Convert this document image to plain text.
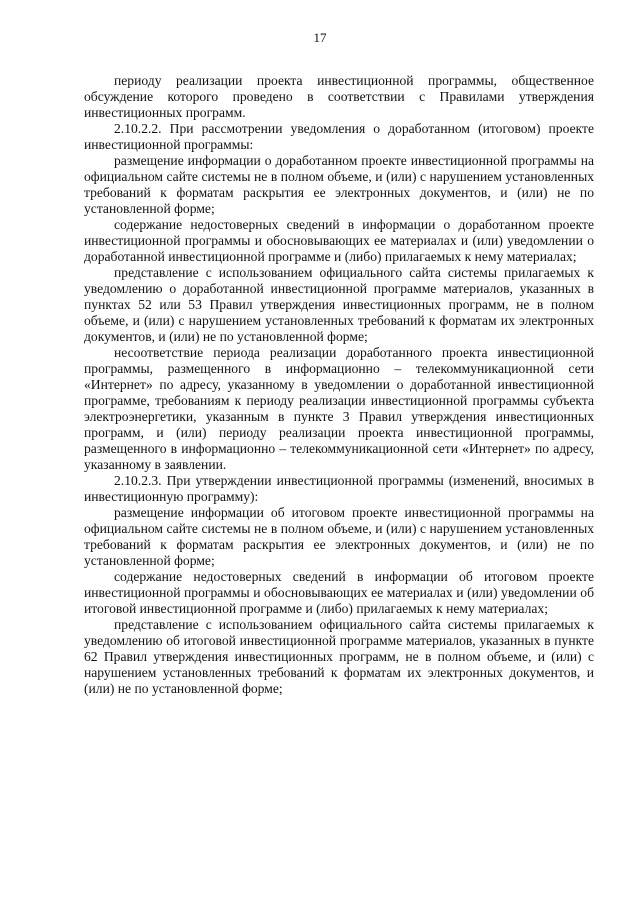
17

периоду реализации проекта инвестиционной программы, общественное обсуждение которого проведено в соответствии с Правилами утверждения инвестиционных программ.

2.10.2.2. При рассмотрении уведомления о доработанном (итоговом) проекте инвестиционной программы:

размещение информации о доработанном проекте инвестиционной программы на официальном сайте системы не в полном объеме, и (или) с нарушением установленных требований к форматам раскрытия ее электронных документов, и (или) не по установленной форме;

содержание недостоверных сведений в информации о доработанном проекте инвестиционной программы и обосновывающих ее материалах и (или) уведомлении о доработанной инвестиционной программе и (либо) прилагаемых к нему материалах;

представление с использованием официального сайта системы прилагаемых к уведомлению о доработанной инвестиционной программе материалов, указанных в пунктах 52 или 53 Правил утверждения инвестиционных программ, не в полном объеме, и (или) с нарушением установленных требований к форматам их электронных документов, и (или) не по установленной форме;

несоответствие периода реализации доработанного проекта инвестиционной программы, размещенного в информационно – телекоммуникационной сети «Интернет» по адресу, указанному в уведомлении о доработанной инвестиционной программе, требованиям к периоду реализации инвестиционной программы субъекта электроэнергетики, указанным в пункте 3 Правил утверждения инвестиционных программ, и (или) периоду реализации проекта инвестиционной программы, размещенного в информационно – телекоммуникационной сети «Интернет» по адресу, указанному в заявлении.

2.10.2.3. При утверждении инвестиционной программы (изменений, вносимых в инвестиционную программу):

размещение информации об итоговом проекте инвестиционной программы на официальном сайте системы не в полном объеме, и (или) с нарушением установленных требований к форматам раскрытия ее электронных документов, и (или) не по установленной форме;

содержание недостоверных сведений в информации об итоговом проекте инвестиционной программы и обосновывающих ее материалах и (или) уведомлении об итоговой инвестиционной программе и (либо) прилагаемых к нему материалах;

представление с использованием официального сайта системы прилагаемых к уведомлению об итоговой инвестиционной программе материалов, указанных в пункте 62 Правил утверждения инвестиционных программ, не в полном объеме, и (или) с нарушением установленных требований к форматам их электронных документов, и (или) не по установленной форме;
